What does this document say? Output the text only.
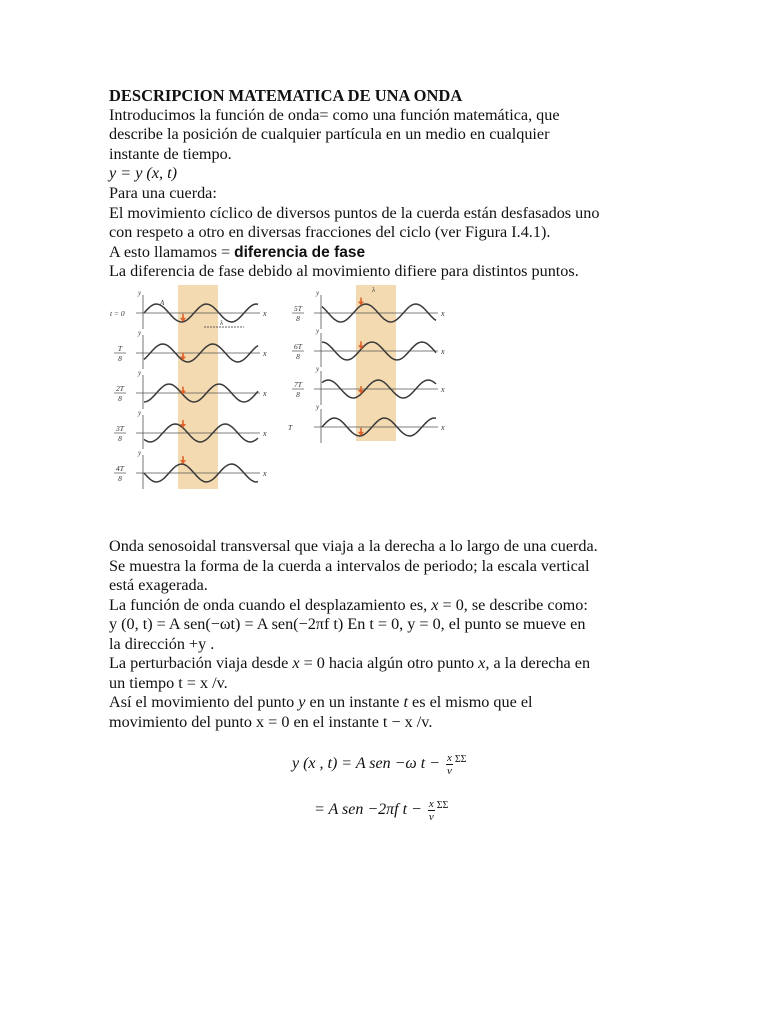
DESCRIPCION MATEMATICA DE UNA ONDA
Introducimos la función de onda= como una función matemática, que
describe la posición de cualquier partícula en un medio en cualquier
instante de tiempo.
y = y (x, t)
Para una cuerda:
El movimiento cíclico de diversos puntos de la cuerda están desfasados uno
con respeto a otro en diversas fracciones del ciclo (ver Figura I.4.1).
A esto llamamos = diferencia de fase
La diferencia de fase debido al movimiento difiere para distintos puntos.
x
y
t = 0
x
y
T
8
x
y
2T
8
x
y
3T
8
x
y
4T
8
A
λ
x
y
5T
8
x
y
6T
8
x
y
7T
8
x
y
T
λ
Onda senosoidal transversal que viaja a la derecha a lo largo de una cuerda.
Se muestra la forma de la cuerda a intervalos de periodo; la escala vertical
está exagerada.
La función de onda cuando el desplazamiento es, x = 0, se describe como:
y (0, t) = A sen(−ωt) = A sen(−2πf t) En t = 0, y = 0, el punto se mueve en
la dirección +y .
La perturbación viaja desde x = 0 hacia algún otro punto x, a la derecha en
un tiempo t = x /v.
Así el movimiento del punto y en un instante t es el mismo que el
movimiento del punto x = 0 en el instante t − x /v.
y (x , t) = A sen −ω $t - \frac{x}{v} ^{\Sigma\Sigma}$
= A sen −2πf $t - \frac{x}{v} ^{\Sigma\Sigma}$
